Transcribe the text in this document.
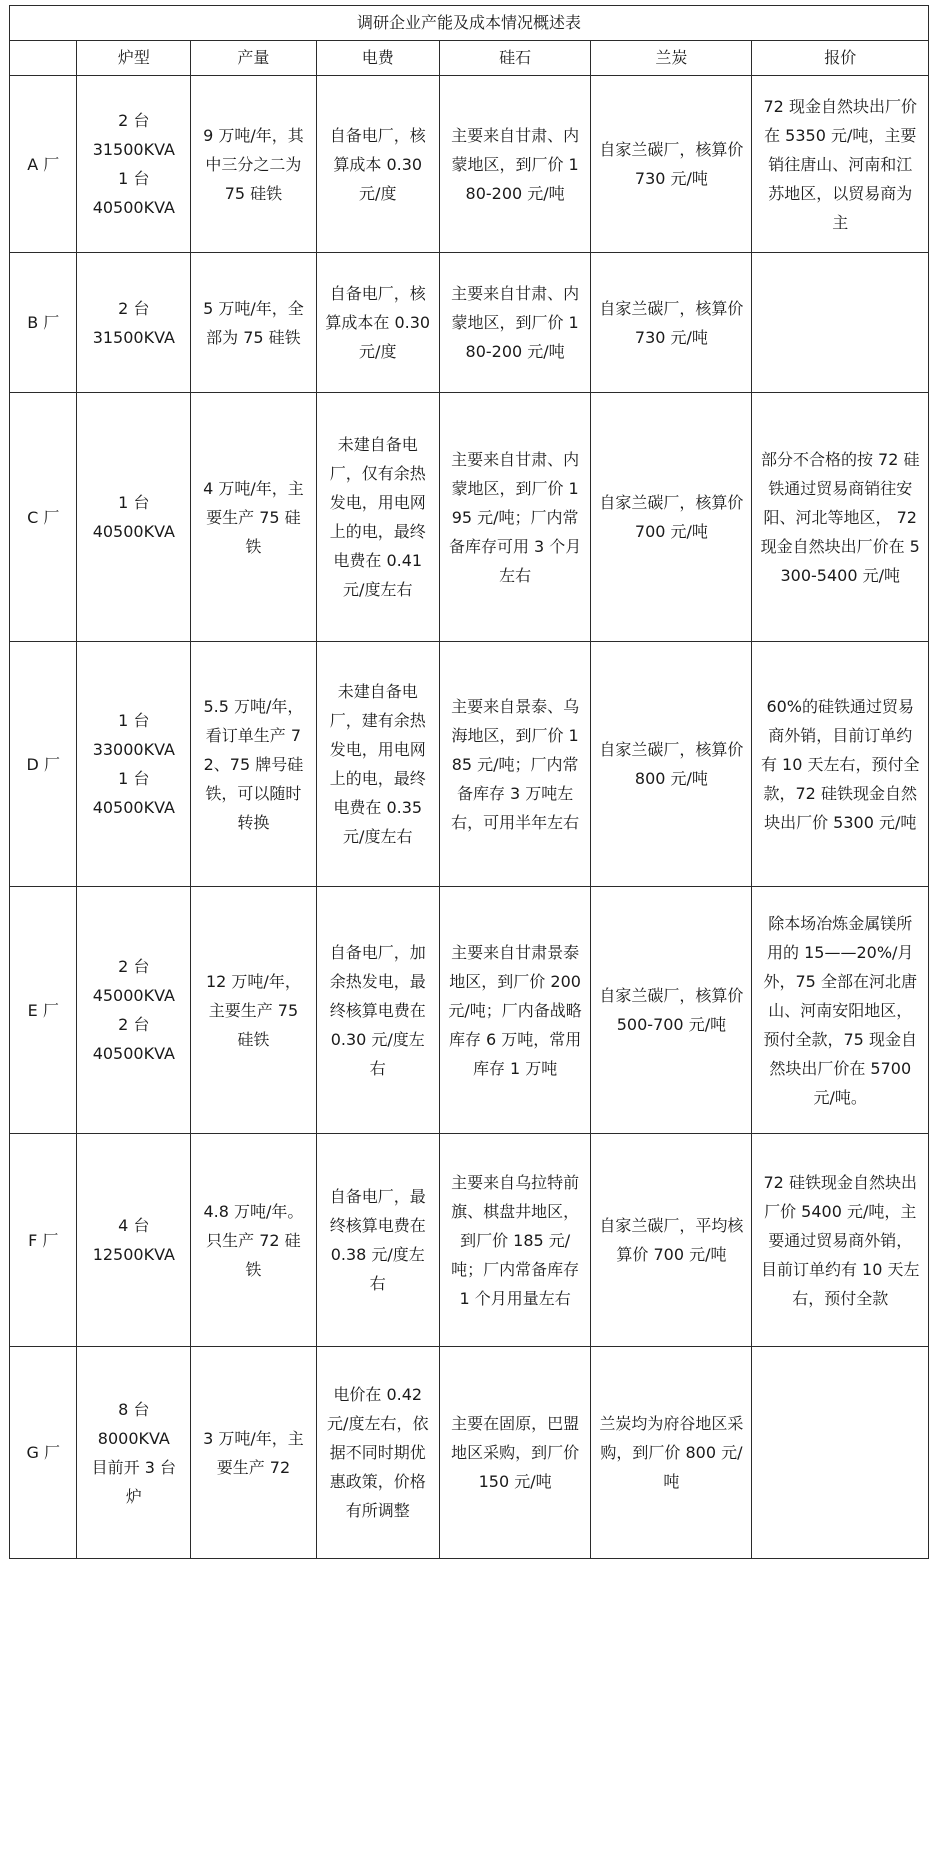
调研企业产能及成本情况概述表						
	炉型	产量	电费	硅石	兰炭	报价
A 厂	2 台
31500KVA
1 台
40500KVA	9 万吨/年，其中三分之二为 75 硅铁	自备电厂，核算成本 0.30 元/度	主要来自甘肃、内蒙地区，到厂价 180-200 元/吨	自家兰碳厂，核算价 730 元/吨	72 现金自然块出厂价在 5350 元/吨，主要销往唐山、河南和江苏地区，以贸易商为主
B 厂	2 台
31500KVA	5 万吨/年，全部为 75 硅铁	自备电厂，核算成本在 0.30 元/度	主要来自甘肃、内蒙地区，到厂价 180-200 元/吨	自家兰碳厂，核算价 730 元/吨	
C 厂	1 台
40500KVA	4 万吨/年，主要生产 75 硅铁	未建自备电厂，仅有余热发电，用电网上的电，最终电费在 0.41 元/度左右	主要来自甘肃、内蒙地区，到厂价 195 元/吨；厂内常备库存可用 3 个月左右	自家兰碳厂，核算价 700 元/吨	部分不合格的按 72 硅铁通过贸易商销往安阳、河北等地区， 72 现金自然块出厂价在 5300-5400 元/吨
D 厂	1 台
33000KVA
1 台
40500KVA	5.5 万吨/年，看订单生产 72、75 牌号硅铁，可以随时转换	未建自备电厂，建有余热发电，用电网上的电，最终电费在 0.35 元/度左右	主要来自景泰、乌海地区，到厂价 185 元/吨；厂内常备库存 3 万吨左右，可用半年左右	自家兰碳厂，核算价 800 元/吨	60%的硅铁通过贸易商外销，目前订单约有 10 天左右，预付全款，72 硅铁现金自然块出厂价 5300 元/吨
E 厂	2 台
45000KVA
2 台
40500KVA	12 万吨/年，主要生产 75 硅铁	自备电厂，加余热发电，最终核算电费在 0.30 元/度左右	主要来自甘肃景泰地区，到厂价 200 元/吨；厂内备战略库存 6 万吨，常用库存 1 万吨	自家兰碳厂，核算价 500-700 元/吨	除本场冶炼金属镁所用的 15——20%/月外，75 全部在河北唐山、河南安阳地区，预付全款，75 现金自然块出厂价在 5700 元/吨。
F 厂	4 台
12500KVA	4.8 万吨/年。只生产 72 硅铁	自备电厂，最终核算电费在 0.38 元/度左右	主要来自乌拉特前旗、棋盘井地区，到厂价 185 元/吨；厂内常备库存 1 个月用量左右	自家兰碳厂，平均核算价 700 元/吨	72 硅铁现金自然块出厂价 5400 元/吨，主要通过贸易商外销，目前订单约有 10 天左右，预付全款
G 厂	8 台
8000KVA
目前开 3 台炉	3 万吨/年，主要生产 72	电价在 0.42 元/度左右，依据不同时期优惠政策，价格有所调整	主要在固原，巴盟地区采购，到厂价 150 元/吨	兰炭均为府谷地区采购，到厂价 800 元/吨	
